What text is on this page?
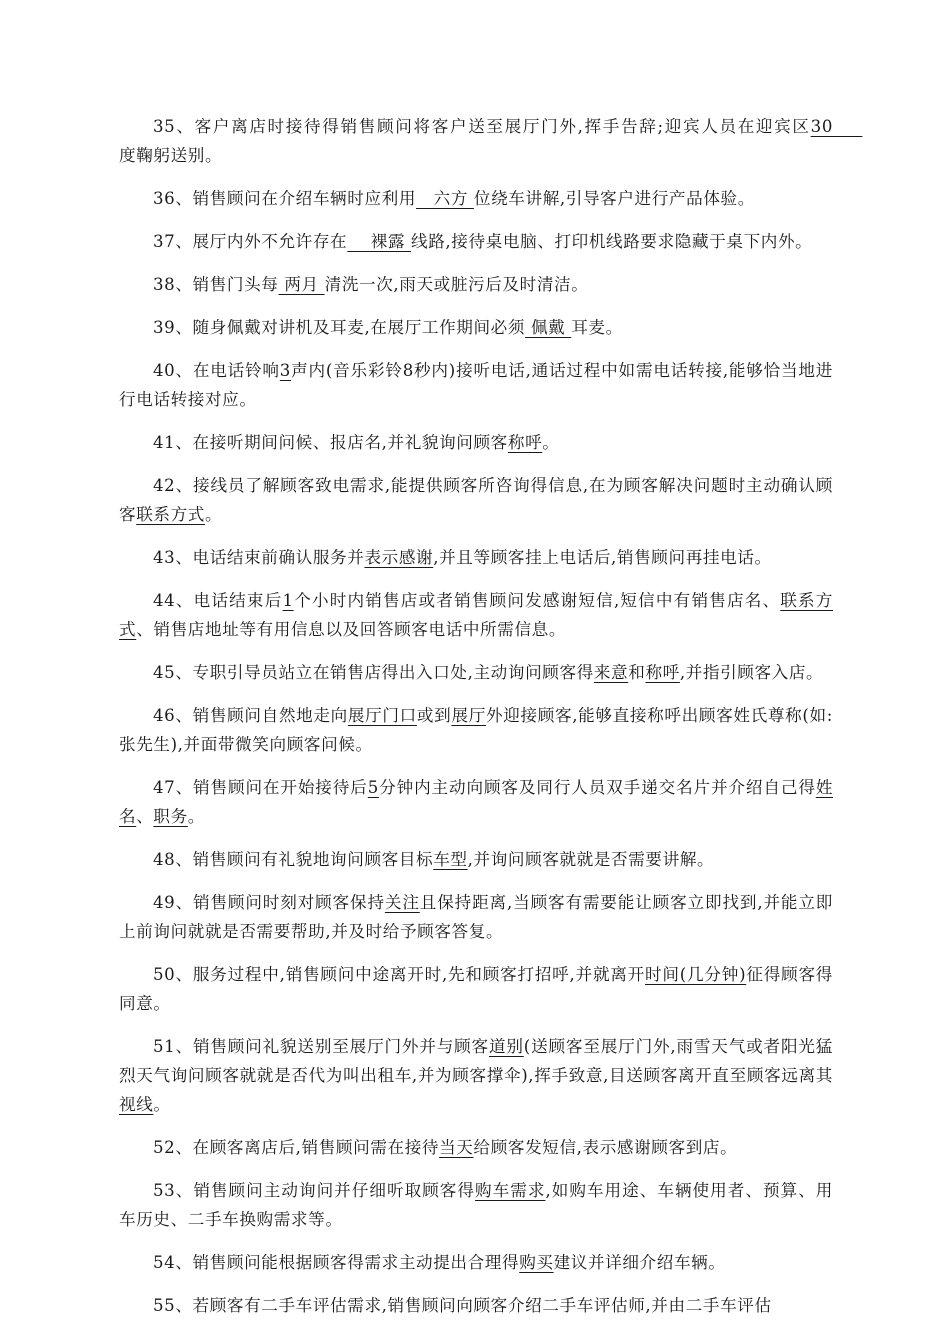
35、客户离店时接待得销售顾问将客户送至展厅门外,挥手告辞;迎宾人员在迎宾区30     度鞠躬送别。

36、销售顾问在介绍车辆时应利用   六方 位绕车讲解,引导客户进行产品体验。

37、展厅内外不允许存在    裸露 线路,接待桌电脑、打印机线路要求隐藏于桌下内外。

38、销售门头每 两月 清洗一次,雨天或脏污后及时清洁。

39、随身佩戴对讲机及耳麦,在展厅工作期间必须 佩戴 耳麦。

40、在电话铃响3声内(音乐彩铃8秒内)接听电话,通话过程中如需电话转接,能够恰当地进行电话转接对应。

41、在接听期间问候、报店名,并礼貌询问顾客称呼。

42、接线员了解顾客致电需求,能提供顾客所咨询得信息,在为顾客解决问题时主动确认顾客联系方式。

43、电话结束前确认服务并表示感谢,并且等顾客挂上电话后,销售顾问再挂电话。

44、电话结束后1个小时内销售店或者销售顾问发感谢短信,短信中有销售店名、联系方式、销售店地址等有用信息以及回答顾客电话中所需信息。

45、专职引导员站立在销售店得出入口处,主动询问顾客得来意和称呼,并指引顾客入店。

46、销售顾问自然地走向展厅门口或到展厅外迎接顾客,能够直接称呼出顾客姓氏尊称(如:张先生),并面带微笑向顾客问候。

47、销售顾问在开始接待后5分钟内主动向顾客及同行人员双手递交名片并介绍自己得姓名、职务。

48、销售顾问有礼貌地询问顾客目标车型,并询问顾客就就是否需要讲解。

49、销售顾问时刻对顾客保持关注且保持距离,当顾客有需要能让顾客立即找到,并能立即上前询问就就是否需要帮助,并及时给予顾客答复。

50、服务过程中,销售顾问中途离开时,先和顾客打招呼,并就离开时间(几分钟)征得顾客得同意。

51、销售顾问礼貌送别至展厅门外并与顾客道别(送顾客至展厅门外,雨雪天气或者阳光猛烈天气询问顾客就就是否代为叫出租车,并为顾客撑伞),挥手致意,目送顾客离开直至顾客远离其视线。

52、在顾客离店后,销售顾问需在接待当天给顾客发短信,表示感谢顾客到店。

53、销售顾问主动询问并仔细听取顾客得购车需求,如购车用途、车辆使用者、预算、用车历史、二手车换购需求等。

54、销售顾问能根据顾客得需求主动提出合理得购买建议并详细介绍车辆。

55、若顾客有二手车评估需求,销售顾问向顾客介绍二手车评估师,并由二手车评估
